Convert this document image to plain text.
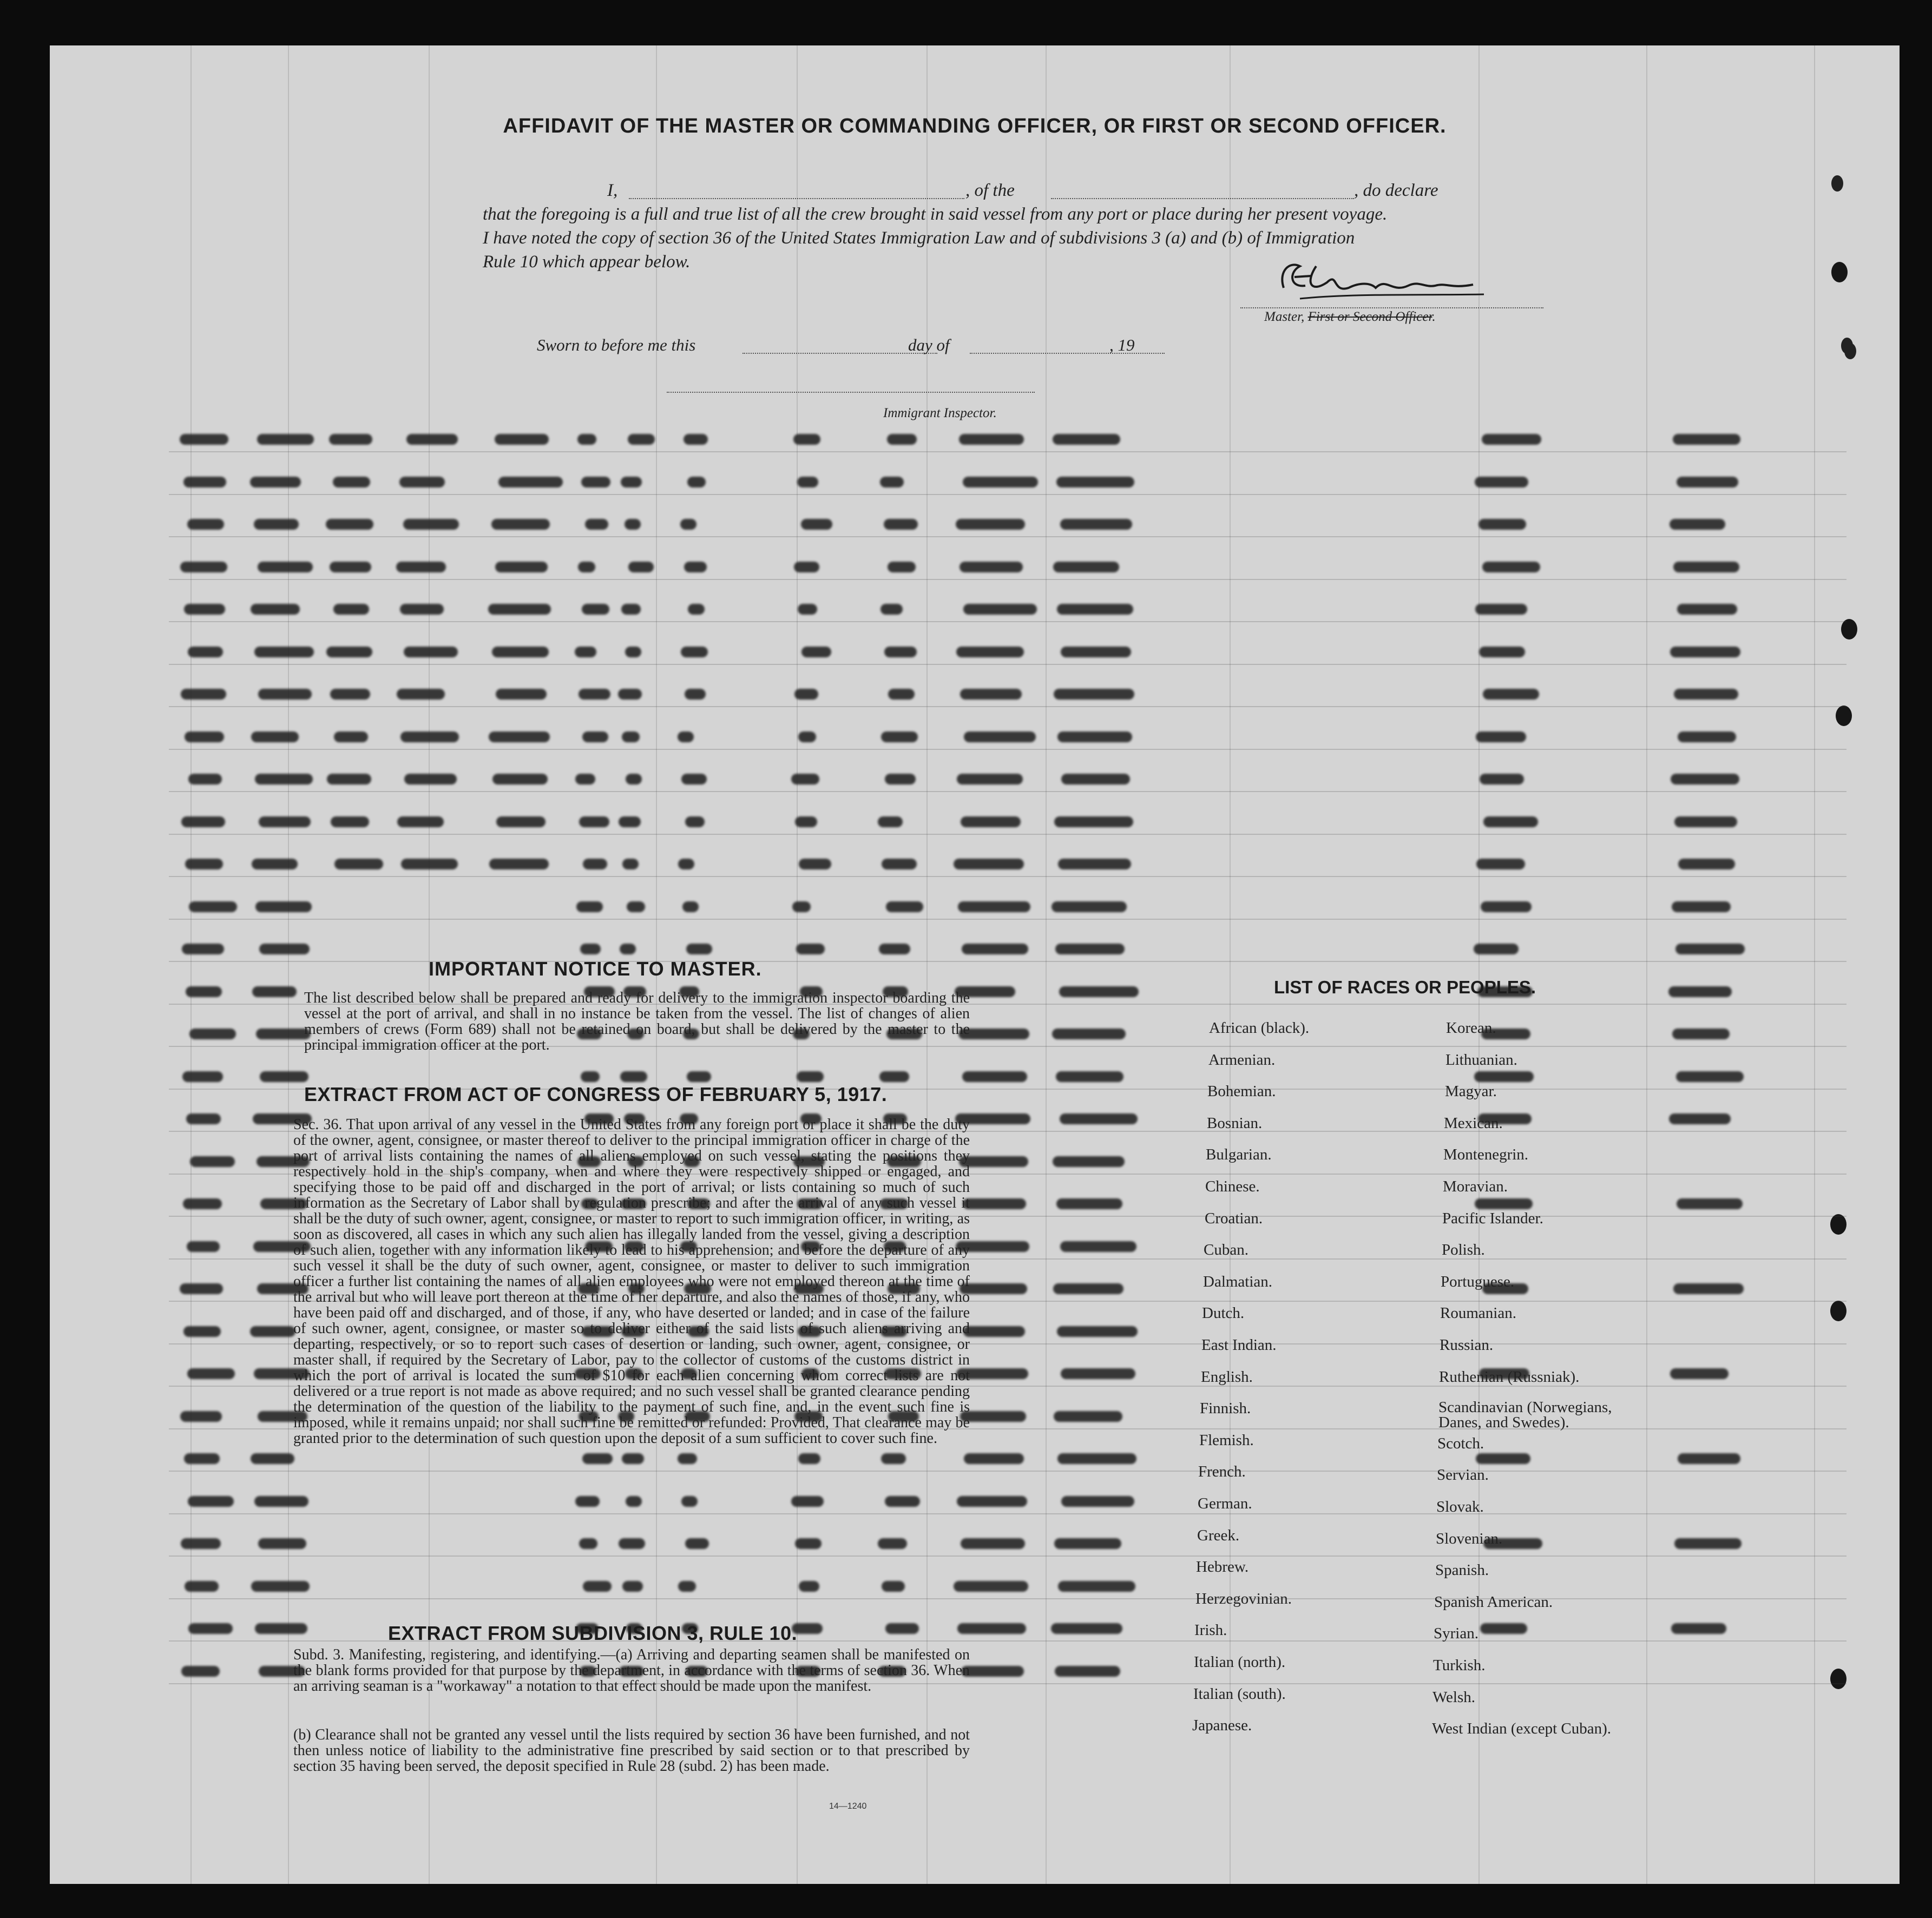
AFFIDAVIT OF THE MASTER OR COMMANDING OFFICER, OR FIRST OR SECOND OFFICER.
I,	, of the	, do declare
that the foregoing is a full and true list of all the crew brought in said vessel from any port or place during her present voyage.
I have noted the copy of section 36 of the United States Immigration Law and of subdivisions 3 (a) and (b) of Immigration
Rule 10 which appear below.
Master, First or Second Officer.
Sworn to before me this	day of	, 19
Immigrant Inspector.
IMPORTANT NOTICE TO MASTER.
The list described below shall be prepared and ready for delivery to the immigration inspector boarding the vessel at the port of arrival, and shall in no instance be taken from the vessel. The list of changes of alien members of crews (Form 689) shall not be retained on board, but shall be delivered by the master to the principal immigration officer at the port.
EXTRACT FROM ACT OF CONGRESS OF FEBRUARY 5, 1917.
Sec. 36. That upon arrival of any vessel in the United States from any foreign port or place it shall be the duty of the owner, agent, consignee, or master thereof to deliver to the principal immigration officer in charge of the port of arrival lists containing the names of all aliens employed on such vessel, stating the positions they respectively hold in the ship's company, when and where they were respectively shipped or engaged, and specifying those to be paid off and discharged in the port of arrival; or lists containing so much of such information as the Secretary of Labor shall by regulation prescribe; and after the arrival of any such vessel it shall be the duty of such owner, agent, consignee, or master to report to such immigration officer, in writing, as soon as discovered, all cases in which any such alien has illegally landed from the vessel, giving a description of such alien, together with any information likely to lead to his apprehension; and before the departure of any such vessel it shall be the duty of such owner, agent, consignee, or master to deliver to such immigration officer a further list containing the names of all alien employees who were not employed thereon at the time of the arrival but who will leave port thereon at the time of her departure, and also the names of those, if any, who have been paid off and discharged, and of those, if any, who have deserted or landed; and in case of the failure of such owner, agent, consignee, or master so to deliver either of the said lists of such aliens arriving and departing, respectively, or so to report such cases of desertion or landing, such owner, agent, consignee, or master shall, if required by the Secretary of Labor, pay to the collector of customs of the customs district in which the port of arrival is located the sum of $10 for each alien concerning whom correct lists are not delivered or a true report is not made as above required; and no such vessel shall be granted clearance pending the determination of the question of the liability to the payment of such fine, and, in the event such fine is imposed, while it remains unpaid; nor shall such fine be remitted or refunded: Provided, That clearance may be granted prior to the determination of such question upon the deposit of a sum sufficient to cover such fine.
EXTRACT FROM SUBDIVISION 3, RULE 10.
Subd. 3. Manifesting, registering, and identifying.—(a) Arriving and departing seamen shall be manifested on the blank forms provided for that purpose by the department, in accordance with the terms of section 36. When an arriving seaman is a "workaway" a notation to that effect should be made upon the manifest.
(b) Clearance shall not be granted any vessel until the lists required by section 36 have been furnished, and not then unless notice of liability to the administrative fine prescribed by said section or to that prescribed by section 35 having been served, the deposit specified in Rule 28 (subd. 2) has been made.
LIST OF RACES OR PEOPLES.
African (black).
Armenian.
Bohemian.
Bosnian.
Bulgarian.
Chinese.
Croatian.
Cuban.
Dalmatian.
Dutch.
East Indian.
English.
Finnish.
Flemish.
French.
German.
Greek.
Hebrew.
Herzegovinian.
Irish.
Italian (north).
Italian (south).
Japanese.
Korean.
Lithuanian.
Magyar.
Mexican.
Montenegrin.
Moravian.
Pacific Islander.
Polish.
Portuguese.
Roumanian.
Russian.
Ruthenian (Russniak).
Scandinavian (Norwegians, Danes, and Swedes).
Scotch.
Servian.
Slovak.
Slovenian.
Spanish.
Spanish American.
Syrian.
Turkish.
Welsh.
West Indian (except Cuban).
14—1240
